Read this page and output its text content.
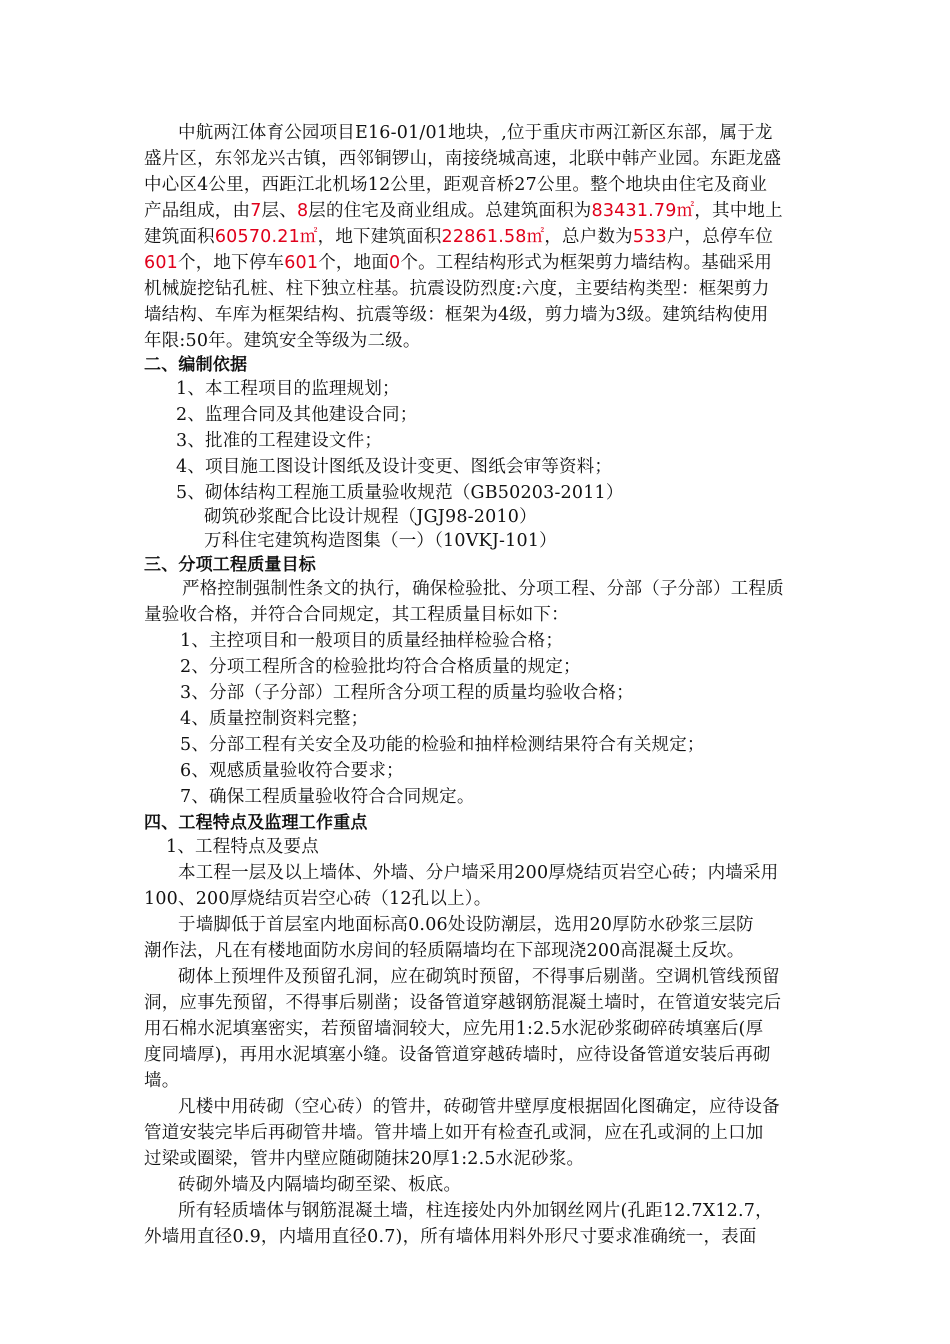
中航两江体育公园项目E16-01/01地块，,位于重庆市两江新区东部，属于龙
盛片区，东邻龙兴古镇，西邻铜锣山，南接绕城高速，北联中韩产业园。东距龙盛
中心区4公里，西距江北机场12公里，距观音桥27公里。整个地块由住宅及商业
产品组成，由7层、8层的住宅及商业组成。总建筑面积为83431.79㎡，其中地上
建筑面积60570.21㎡，地下建筑面积22861.58㎡，总户数为533户，总停车位
601个，地下停车601个，地面0个。工程结构形式为框架剪力墙结构。基础采用
机械旋挖钻孔桩、柱下独立柱基。抗震设防烈度:六度，主要结构类型：框架剪力
墙结构、车库为框架结构、抗震等级：框架为4级，剪力墙为3级。建筑结构使用
年限:50年。建筑安全等级为二级。
二、编制依据
1、本工程项目的监理规划；
2、监理合同及其他建设合同；
3、批准的工程建设文件；
4、项目施工图设计图纸及设计变更、图纸会审等资料；
5、砌体结构工程施工质量验收规范（GB50203-2011）
砌筑砂浆配合比设计规程（JGJ98-2010）
万科住宅建筑构造图集（一）（10VKJ-101）
三、分项工程质量目标
严格控制强制性条文的执行，确保检验批、分项工程、分部（子分部）工程质
量验收合格，并符合合同规定，其工程质量目标如下：
1、主控项目和一般项目的质量经抽样检验合格；
2、分项工程所含的检验批均符合合格质量的规定；
3、分部（子分部）工程所含分项工程的质量均验收合格；
4、质量控制资料完整；
5、分部工程有关安全及功能的检验和抽样检测结果符合有关规定；
6、观感质量验收符合要求；
7、确保工程质量验收符合合同规定。
四、工程特点及监理工作重点
1、工程特点及要点
本工程一层及以上墙体、外墙、分户墙采用200厚烧结页岩空心砖；内墙采用
100、200厚烧结页岩空心砖（12孔以上）。
于墙脚低于首层室内地面标高0.06处设防潮层，选用20厚防水砂浆三层防
潮作法，凡在有楼地面防水房间的轻质隔墙均在下部现浇200高混凝土反坎。
砌体上预埋件及预留孔洞，应在砌筑时预留，不得事后剔凿。空调机管线预留
洞，应事先预留，不得事后剔凿；设备管道穿越钢筋混凝土墙时，在管道安装完后
用石棉水泥填塞密实，若预留墙洞较大，应先用1:2.5水泥砂浆砌碎砖填塞后(厚
度同墙厚)，再用水泥填塞小缝。设备管道穿越砖墙时，应待设备管道安装后再砌
墙。
凡楼中用砖砌（空心砖）的管井，砖砌管井壁厚度根据固化图确定，应待设备
管道安装完毕后再砌管井墙。管井墙上如开有检查孔或洞，应在孔或洞的上口加
过梁或圈梁，管井内壁应随砌随抹20厚1:2.5水泥砂浆。
砖砌外墙及内隔墙均砌至梁、板底。
所有轻质墙体与钢筋混凝土墙，柱连接处内外加钢丝网片(孔距12.7X12.7，
外墙用直径0.9，内墙用直径0.7)，所有墙体用料外形尺寸要求准确统一，表面
